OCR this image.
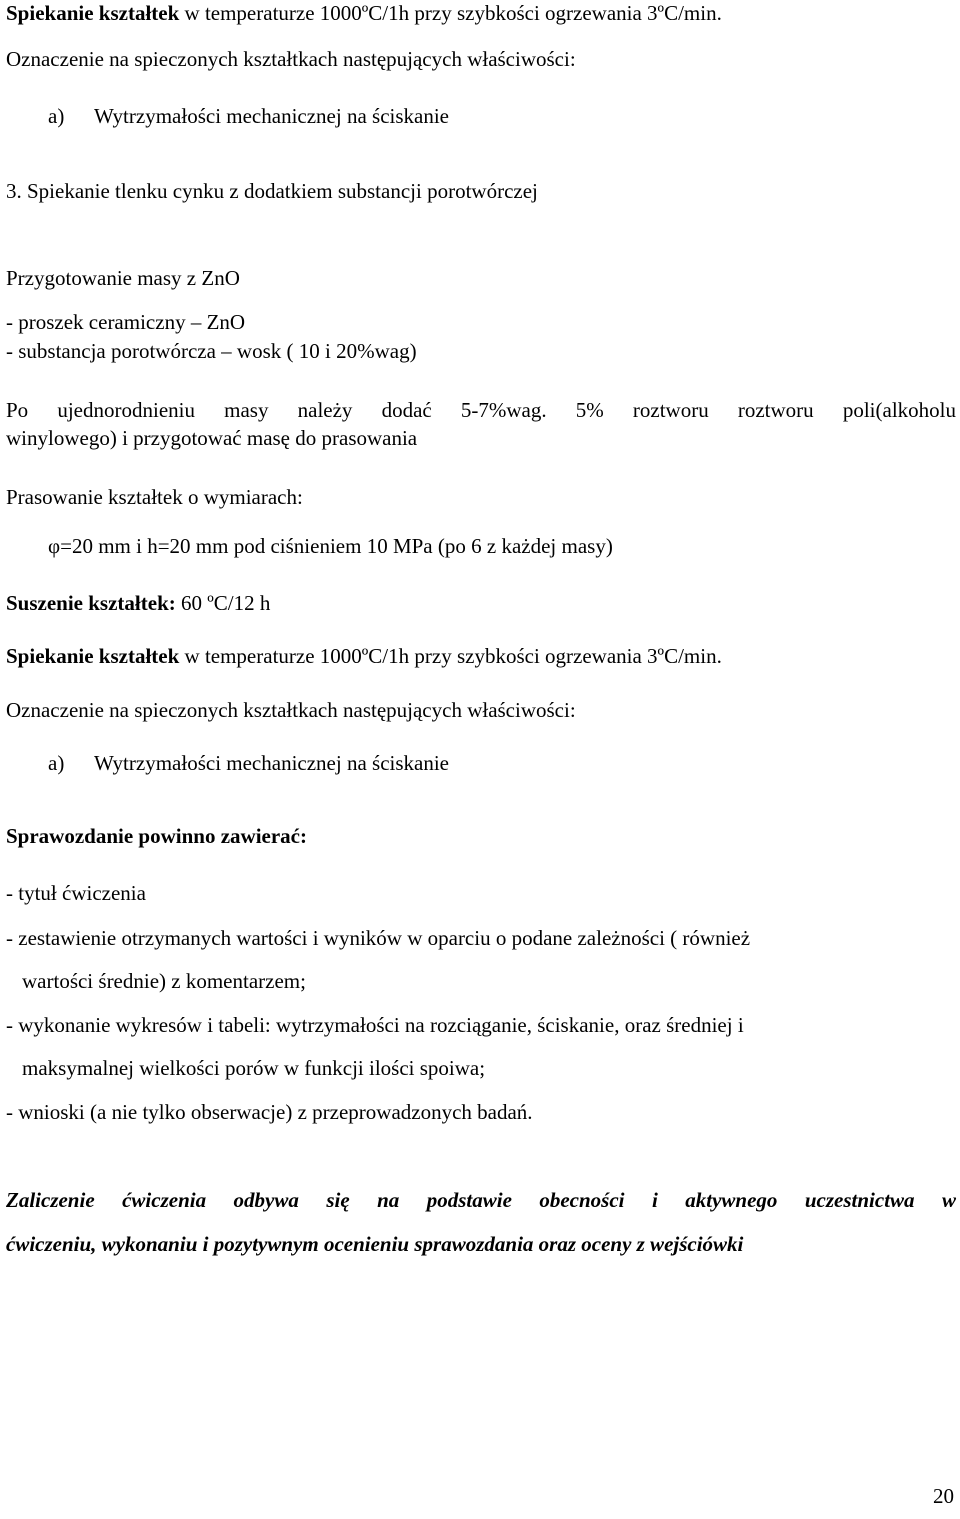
Spiekanie kształtek w temperaturze 1000ºC/1h przy szybkości ogrzewania 3ºC/min.
Oznaczenie na spieczonych kształtkach następujących właściwości:
a) Wytrzymałości mechanicznej na ściskanie
3. Spiekanie tlenku cynku z dodatkiem substancji porotwórczej
Przygotowanie masy z ZnO
- proszek ceramiczny – ZnO
- substancja porotwórcza – wosk ( 10 i 20%wag)
Po ujednorodnieniu masy należy dodać 5-7%wag. 5% roztworu roztworu poli(alkoholu
winylowego) i przygotować masę do prasowania
Prasowanie kształtek o wymiarach:
φ=20 mm i h=20 mm pod ciśnieniem 10 MPa (po 6 z każdej masy)
Suszenie kształtek: 60 ºC/12 h
Spiekanie kształtek w temperaturze 1000ºC/1h przy szybkości ogrzewania 3ºC/min.
Oznaczenie na spieczonych kształtkach następujących właściwości:
a) Wytrzymałości mechanicznej na ściskanie
Sprawozdanie powinno zawierać:
- tytuł ćwiczenia
- zestawienie otrzymanych wartości i wyników w oparciu o podane zależności ( również
wartości średnie) z komentarzem;
- wykonanie wykresów i tabeli: wytrzymałości na rozciąganie, ściskanie, oraz średniej i
maksymalnej wielkości porów w funkcji ilości spoiwa;
- wnioski (a nie tylko obserwacje) z przeprowadzonych badań.
Zaliczenie ćwiczenia odbywa się na podstawie obecności i aktywnego uczestnictwa w
ćwiczeniu, wykonaniu i pozytywnym ocenieniu sprawozdania oraz oceny z wejściówki
20
